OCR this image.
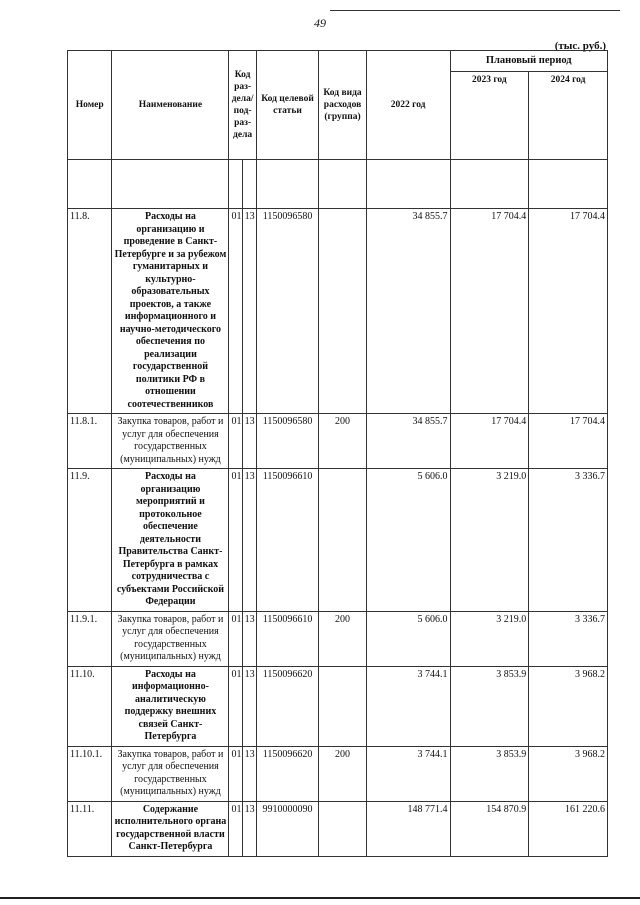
49
(тыс. руб.)
Номер	Наименование	Код раз- дела/ под- раз- дела		Код целевой статьи	Код вида расходов (группа)	2022 год	Плановый период	
							2023 год	2024 год

11.8.	Расходы на организацию и проведение в Санкт-Петербурге и за рубежом гуманитарных и культурно-образовательных проектов, а также информационного и научно-методического обеспечения по реализации государственной политики РФ в отношении соотечественников	01	13	1150096580		34 855.7	17 704.4	17 704.4
11.8.1.	Закупка товаров, работ и услуг для обеспечения государственных (муниципальных) нужд	01	13	1150096580	200	34 855.7	17 704.4	17 704.4
11.9.	Расходы на организацию мероприятий и протокольное обеспечение деятельности Правительства Санкт-Петербурга в рамках сотрудничества с субъектами Российской Федерации	01	13	1150096610		5 606.0	3 219.0	3 336.7
11.9.1.	Закупка товаров, работ и услуг для обеспечения государственных (муниципальных) нужд	01	13	1150096610	200	5 606.0	3 219.0	3 336.7
11.10.	Расходы на информационно-аналитическую поддержку внешних связей Санкт-Петербурга	01	13	1150096620		3 744.1	3 853.9	3 968.2
11.10.1.	Закупка товаров, работ и услуг для обеспечения государственных (муниципальных) нужд	01	13	1150096620	200	3 744.1	3 853.9	3 968.2
11.11.	Содержание исполнительного органа государственной власти Санкт-Петербурга	01	13	9910000090		148 771.4	154 870.9	161 220.6
